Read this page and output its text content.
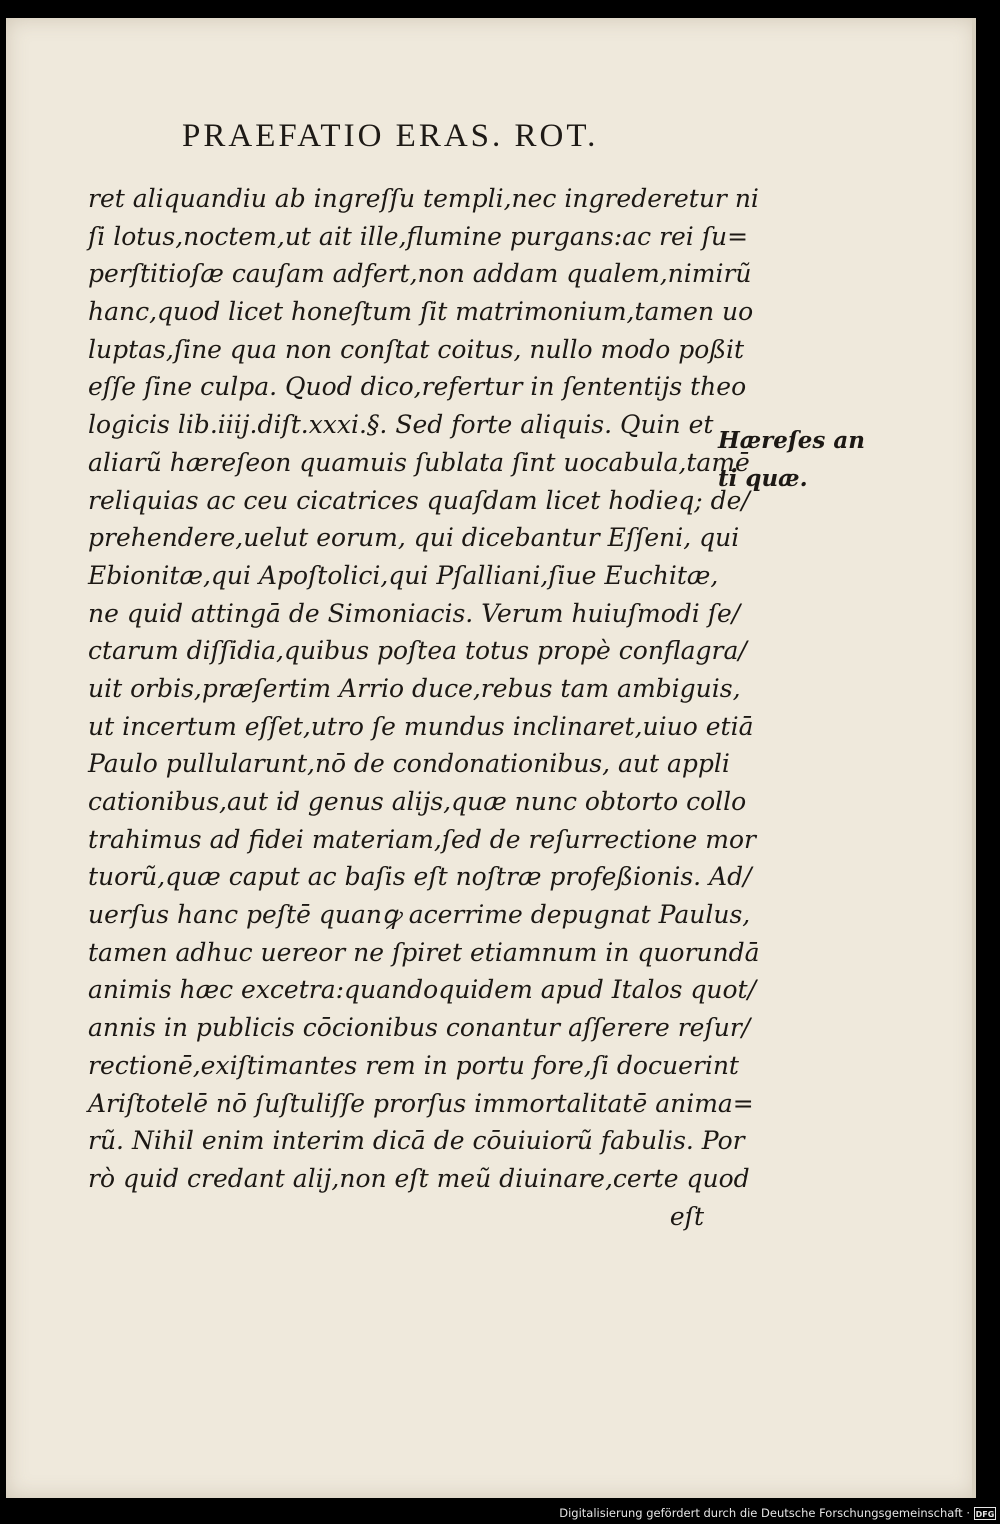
PRAEFATIO ERAS. ROT.
ret aliquandiu ab ingreſſu templi,nec ingrederetur ni
ſi lotus,noctem,ut ait ille,flumine purgans:ac rei ſu=
perſtitioſæ cauſam adfert,non addam qualem,nimirũ
hanc,quod licet honeſtum ſit matrimonium,tamen uo
luptas,ſine qua non conſtat coitus, nullo modo poßit
eſſe ſine culpa. Quod dico,refertur in ſententijs theo
logicis lib.iiij.diſt.xxxi.§. Sed forte aliquis. Quin et
aliarũ hæreſeon quamuis ſublata ſint uocabula,tamē
reliquias ac ceu cicatrices quaſdam licet hodieq; de/
prehendere,uelut eorum, qui dicebantur Eſſeni, qui
Ebionitæ,qui Apoſtolici,qui Pſalliani,ſiue Euchitæ,
ne quid attingā de Simoniacis. Verum huiuſmodi ſe/
ctarum diſſidia,quibus poſtea totus propè conflagra/
uit orbis,præſertim Arrio duce,rebus tam ambiguis,
ut incertum eſſet,utro ſe mundus inclinaret,uiuo etiā
Paulo pullularunt,nō de condonationibus, aut appli
cationibus,aut id genus alijs,quæ nunc obtorto collo
trahimus ad fidei materiam,ſed de reſurrectione mor
tuorũ,quæ caput ac baſis eſt noſtræ profeßionis. Ad/
uerſus hanc peſtē quanꝙ acerrime depugnat Paulus,
tamen adhuc uereor ne ſpiret etiamnum in quorundā
animis hæc excetra:quandoquidem apud Italos quot/
annis in publicis cōcionibus conantur aſſerere reſur/
rectionē,exiſtimantes rem in portu fore,ſi docuerint
Ariſtotelē nō ſuſtuliſſe prorſus immortalitatē anima=
rũ. Nihil enim interim dicā de cōuiuiorũ fabulis. Por
rò quid credant alij,non eſt meũ diuinare,certe quod
eſt
Hæreſes an
ti quæ.
Digitalisierung gefördert durch die Deutsche Forschungsgemeinschaft · DFG
